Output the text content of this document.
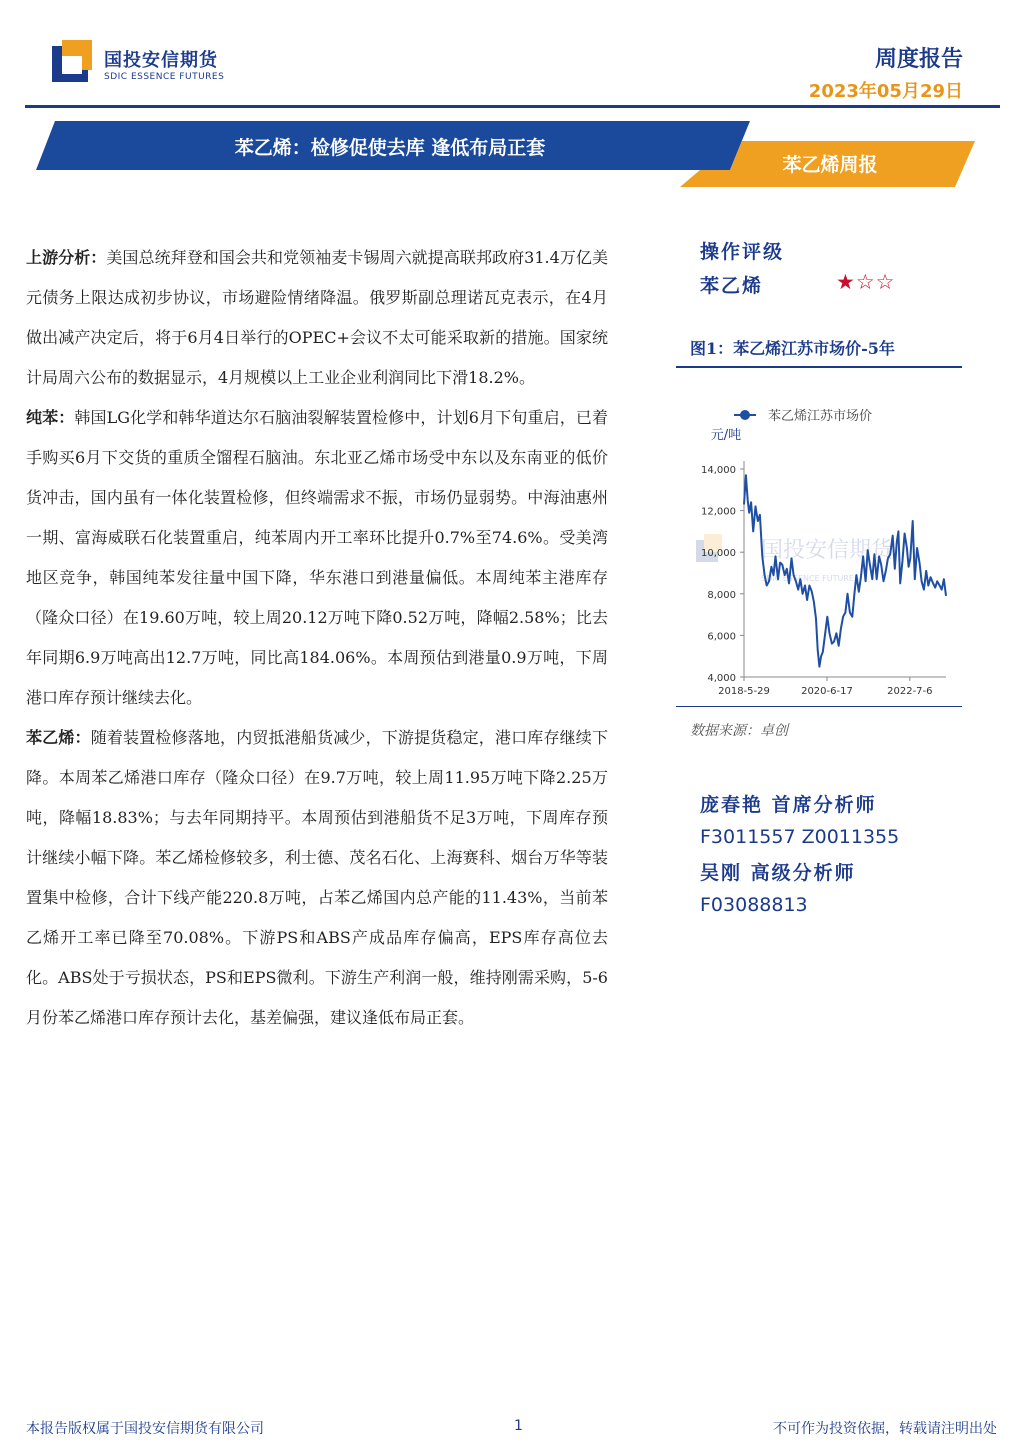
国投安信期货
SDIC ESSENCE FUTURES
周度报告
2023年05月29日
苯乙烯：检修促使去库 逢低布局正套
苯乙烯周报

上游分析：美国总统拜登和国会共和党领袖麦卡锡周六就提高联邦政府31.4万亿美元债务上限达成初步协议，市场避险情绪降温。俄罗斯副总理诺瓦克表示，在4月做出减产决定后，将于6月4日举行的OPEC+会议不太可能采取新的措施。国家统计局周六公布的数据显示，4月规模以上工业企业利润同比下滑18.2%。

纯苯：韩国LG化学和韩华道达尔石脑油裂解装置检修中，计划6月下旬重启，已着手购买6月下交货的重质全馏程石脑油。东北亚乙烯市场受中东以及东南亚的低价货冲击，国内虽有一体化装置检修，但终端需求不振，市场仍显弱势。中海油惠州一期、富海威联石化装置重启，纯苯周内开工率环比提升0.7%至74.6%。受美湾地区竞争，韩国纯苯发往量中国下降，华东港口到港量偏低。本周纯苯主港库存（隆众口径）在19.60万吨，较上周20.12万吨下降0.52万吨，降幅2.58%；比去年同期6.9万吨高出12.7万吨，同比高184.06%。本周预估到港量0.9万吨，下周港口库存预计继续去化。

苯乙烯：随着装置检修落地，内贸抵港船货减少，下游提货稳定，港口库存继续下降。本周苯乙烯港口库存（隆众口径）在9.7万吨，较上周11.95万吨下降2.25万吨，降幅18.83%；与去年同期持平。本周预估到港船货不足3万吨，下周库存预计继续小幅下降。苯乙烯检修较多，利士德、茂名石化、上海赛科、烟台万华等装置集中检修，合计下线产能220.8万吨，占苯乙烯国内总产能的11.43%，当前苯乙烯开工率已降至70.08%。下游PS和ABS产成品库存偏高，EPS库存高位去化。ABS处于亏损状态，PS和EPS微利。下游生产利润一般，维持刚需采购，5-6月份苯乙烯港口库存预计去化，基差偏强，建议逢低布局正套。

操作评级
苯乙烯	★☆☆
图1：苯乙烯江苏市场价-5年
国投安信期货
SDIC ESSENCE FUTURES
苯乙烯江苏市场价
元/吨
4,000
6,000
8,000
10,000
12,000
14,000
2018-5-29	2020-6-17	2022-7-6
数据来源：卓创
庞春艳 首席分析师
F3011557 Z0011355
吴刚 高级分析师
F03088813
本报告版权属于国投安信期货有限公司	1	不可作为投资依据，转载请注明出处
